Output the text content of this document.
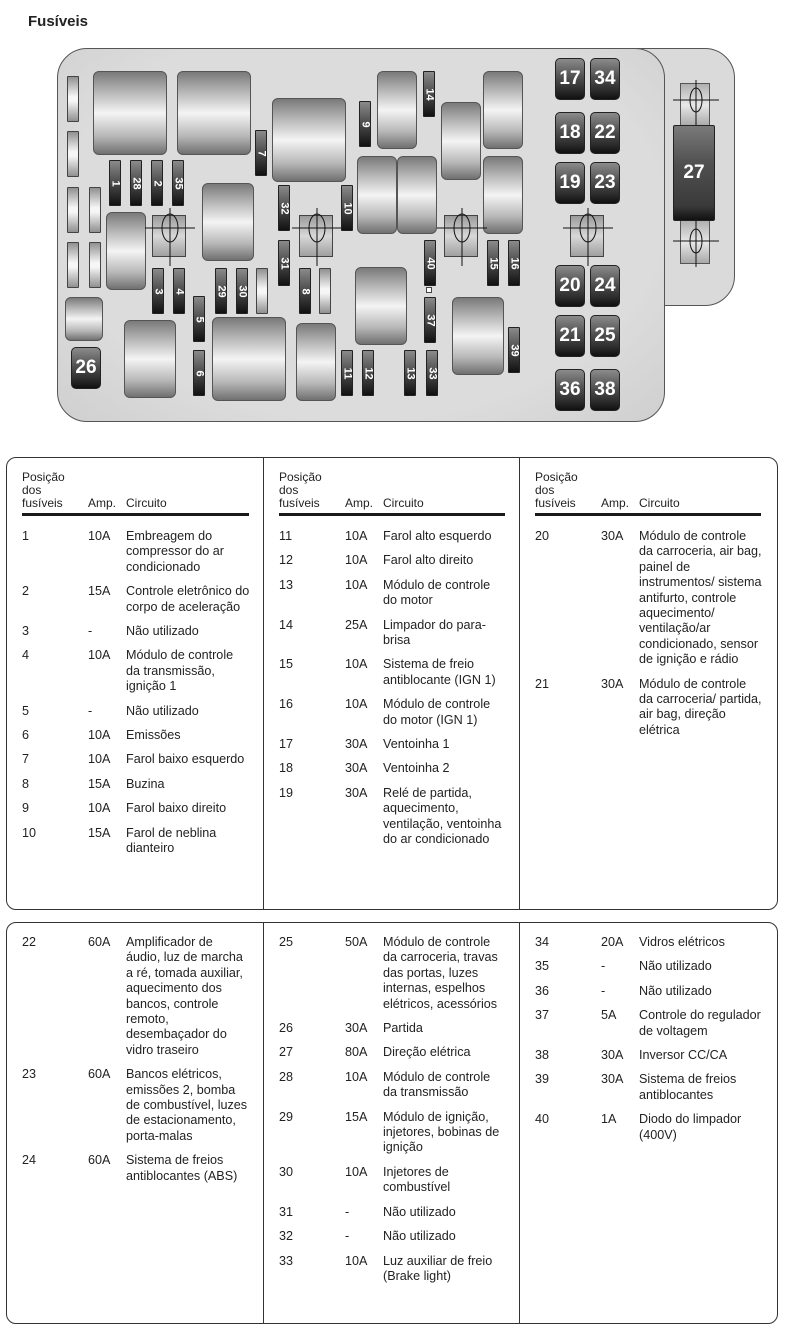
Fusíveis
1 28 2 35
3 4
5
6
7
8
9
10
11 12	13
14
15 16
29 30
31
32
33
37
39
40
17 34
18 22
19 23
20 24
21 25
36 38
26
27
Posição
dos
fusíveis	Amp. Circuito
1	10A Embreagem do compressor do ar condicionado
2	15A Controle eletrônico do corpo de aceleração
3	-	Não utilizado
4	10A Módulo de controle da transmissão, ignição 1
5	-	Não utilizado
6	10A Emissões
7	10A Farol baixo esquerdo
8	15A Buzina
9	10A Farol baixo direito
10	15A Farol de neblina dianteiro
Posição
dos
fusíveis	Amp. Circuito
11	10A Farol alto esquerdo
12	10A Farol alto direito
13	10A Módulo de controle do motor
14	25A Limpador do para-brisa
15	10A Sistema de freio antiblocante (IGN 1)
16	10A Módulo de controle do motor (IGN 1)
17	30A Ventoinha 1
18	30A Ventoinha 2
19	30A Relé de partida, aquecimento, ventilação, ventoinha do ar condicionado
Posição
dos
fusíveis	Amp. Circuito
20	30A Módulo de controle da carroceria, air bag, painel de instrumentos/ sistema antifurto, controle aquecimento/ ventilação/ar condicionado, sensor de ignição e rádio
21	30A Módulo de controle da carroceria/ partida, air bag, direção elétrica
22	60A Amplificador de áudio, luz de marcha a ré, tomada auxiliar, aquecimento dos bancos, controle remoto, desembaçador do vidro traseiro
23	60A Bancos elétricos, emissões 2, bomba de combustível, luzes de estacionamento, porta-malas
24	60A Sistema de freios antiblocantes (ABS)
25	50A Módulo de controle da carroceria, travas das portas, luzes internas, espelhos elétricos, acessórios
26	30A Partida
27	80A Direção elétrica
28	10A Módulo de controle da transmissão
29	15A Módulo de ignição, injetores, bobinas de ignição
30	10A Injetores de combustível
31	-	Não utilizado
32	-	Não utilizado
33	10A Luz auxiliar de freio (Brake light)
34	20A Vidros elétricos
35	-	Não utilizado
36	-	Não utilizado
37	5A Controle do regulador de voltagem
38	30A Inversor CC/CA
39	30A Sistema de freios antiblocantes
40	1A Diodo do limpador (400V)
